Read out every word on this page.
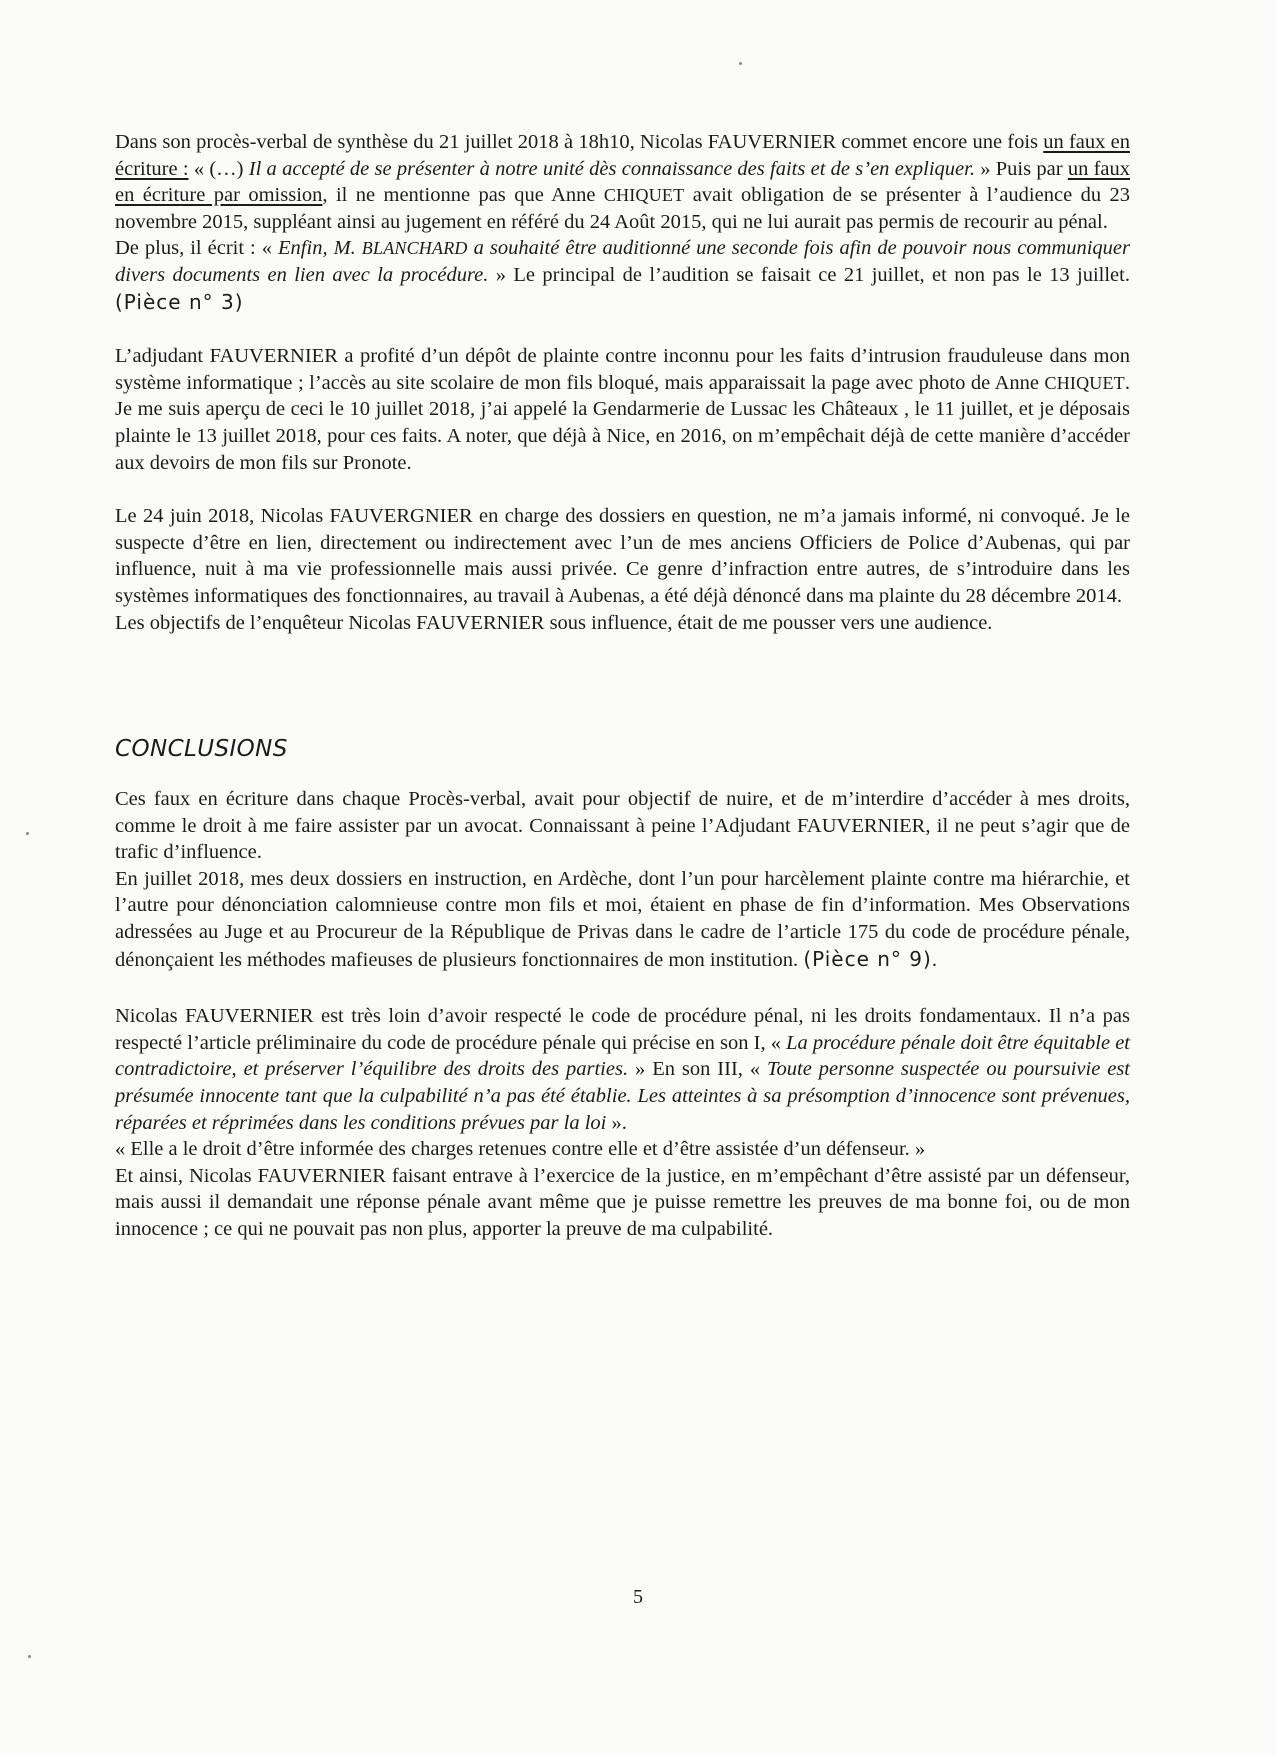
Dans son procès-verbal de synthèse du 21 juillet 2018 à 18h10, Nicolas FAUVERNIER commet encore une fois un faux en écriture : « (…) Il a accepté de se présenter à notre unité dès connaissance des faits et de s’en expliquer. » Puis par un faux en écriture par omission, il ne mentionne pas que Anne CHIQUET avait obligation de se présenter à l’audience du 23 novembre 2015, suppléant ainsi au jugement en référé du 24 Août 2015, qui ne lui aurait pas permis de recourir au pénal.

De plus, il écrit : « Enfin, M. BLANCHARD a souhaité être auditionné une seconde fois afin de pouvoir nous communiquer divers documents en lien avec la procédure. » Le principal de l’audition se faisait ce 21 juillet, et non pas le 13 juillet. (Pièce n° 3)

L’adjudant FAUVERNIER a profité d’un dépôt de plainte contre inconnu pour les faits d’intrusion frauduleuse dans mon système informatique ; l’accès au site scolaire de mon fils bloqué, mais apparaissait la page avec photo de Anne CHIQUET. Je me suis aperçu de ceci le 10 juillet 2018, j’ai appelé la Gendarmerie de Lussac les Châteaux , le 11 juillet, et je déposais plainte le 13 juillet 2018, pour ces faits. A noter, que déjà à Nice, en 2016, on m’empêchait déjà de cette manière d’accéder aux devoirs de mon fils sur Pronote.

Le 24 juin 2018, Nicolas FAUVERGNIER en charge des dossiers en question, ne m’a jamais informé, ni convoqué. Je le suspecte d’être en lien, directement ou indirectement avec l’un de mes anciens Officiers de Police d’Aubenas, qui par influence, nuit à ma vie professionnelle mais aussi privée. Ce genre d’infraction entre autres, de s’introduire dans les systèmes informatiques des fonctionnaires, au travail à Aubenas, a été déjà dénoncé dans ma plainte du 28 décembre 2014.

Les objectifs de l’enquêteur Nicolas FAUVERNIER sous influence, était de me pousser vers une audience.

CONCLUSIONS

Ces faux en écriture dans chaque Procès-verbal, avait pour objectif de nuire, et de m’interdire d’accéder à mes droits, comme le droit à me faire assister par un avocat. Connaissant à peine l’Adjudant FAUVERNIER, il ne peut s’agir que de trafic d’influence.

En juillet 2018, mes deux dossiers en instruction, en Ardèche, dont l’un pour harcèlement plainte contre ma hiérarchie, et l’autre pour dénonciation calomnieuse contre mon fils et moi, étaient en phase de fin d’information. Mes Observations adressées au Juge et au Procureur de la République de Privas dans le cadre de l’article 175 du code de procédure pénale, dénonçaient les méthodes mafieuses de plusieurs fonctionnaires de mon institution. (Pièce n° 9).

Nicolas FAUVERNIER est très loin d’avoir respecté le code de procédure pénal, ni les droits fondamentaux. Il n’a pas respecté l’article préliminaire du code de procédure pénale qui précise en son I, « La procédure pénale doit être équitable et contradictoire, et préserver l’équilibre des droits des parties. » En son III, « Toute personne suspectée ou poursuivie est présumée innocente tant que la culpabilité n’a pas été établie. Les atteintes à sa présomption d’innocence sont prévenues, réparées et réprimées dans les conditions prévues par la loi ».

« Elle a le droit d’être informée des charges retenues contre elle et d’être assistée d’un défenseur. »

Et ainsi, Nicolas FAUVERNIER faisant entrave à l’exercice de la justice, en m’empêchant d’être assisté par un défenseur, mais aussi il demandait une réponse pénale avant même que je puisse remettre les preuves de ma bonne foi, ou de mon innocence ; ce qui ne pouvait pas non plus, apporter la preuve de ma culpabilité.

5
